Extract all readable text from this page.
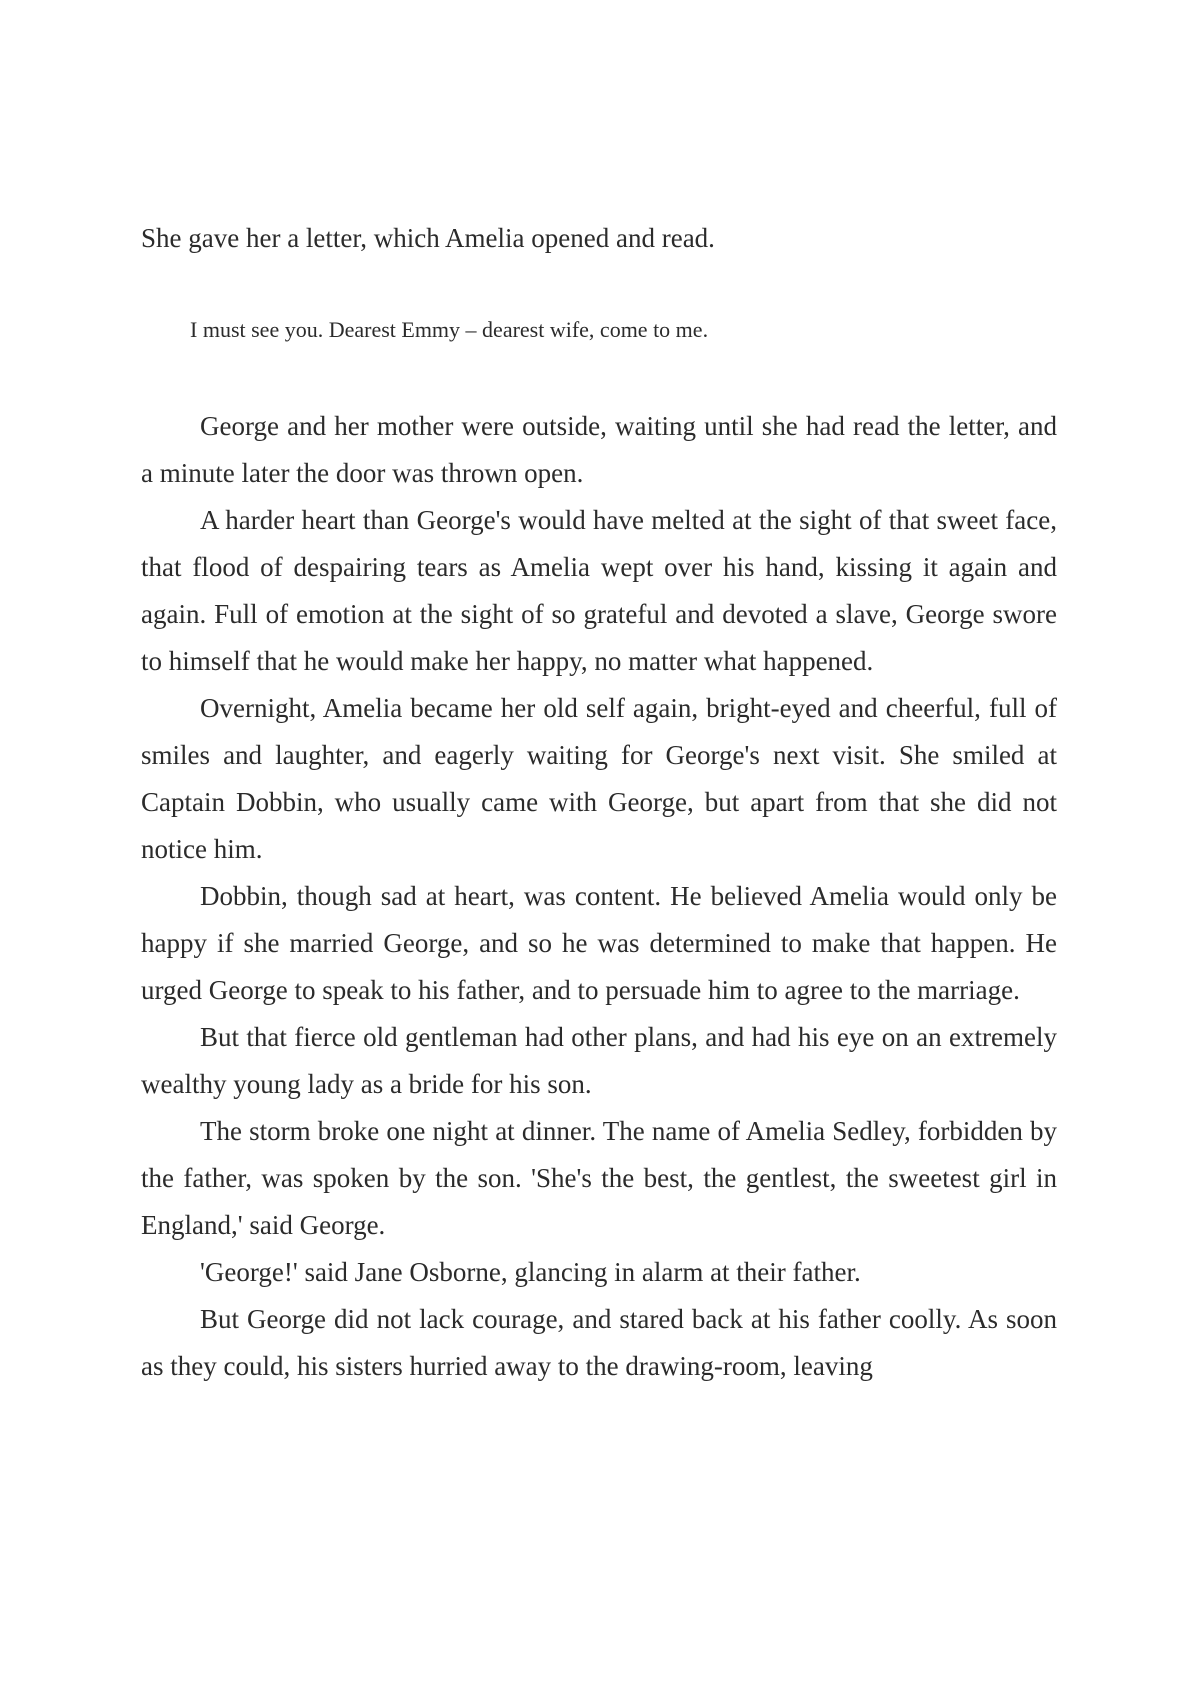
She gave her a letter, which Amelia opened and read.

I must see you. Dearest Emmy – dearest wife, come to me.

George and her mother were outside, waiting until she had read the letter, and a minute later the door was thrown open.

A harder heart than George's would have melted at the sight of that sweet face, that flood of despairing tears as Amelia wept over his hand, kissing it again and again. Full of emotion at the sight of so grateful and devoted a slave, George swore to himself that he would make her happy, no matter what happened.

Overnight, Amelia became her old self again, bright-eyed and cheerful, full of smiles and laughter, and eagerly waiting for George's next visit. She smiled at Captain Dobbin, who usually came with George, but apart from that she did not notice him.

Dobbin, though sad at heart, was content. He believed Amelia would only be happy if she married George, and so he was determined to make that happen. He urged George to speak to his father, and to persuade him to agree to the marriage.

But that fierce old gentleman had other plans, and had his eye on an extremely wealthy young lady as a bride for his son.

The storm broke one night at dinner. The name of Amelia Sedley, forbidden by the father, was spoken by the son. 'She's the best, the gentlest, the sweetest girl in England,' said George.

'George!' said Jane Osborne, glancing in alarm at their father.

But George did not lack courage, and stared back at his father coolly. As soon as they could, his sisters hurried away to the drawing-room, leaving
